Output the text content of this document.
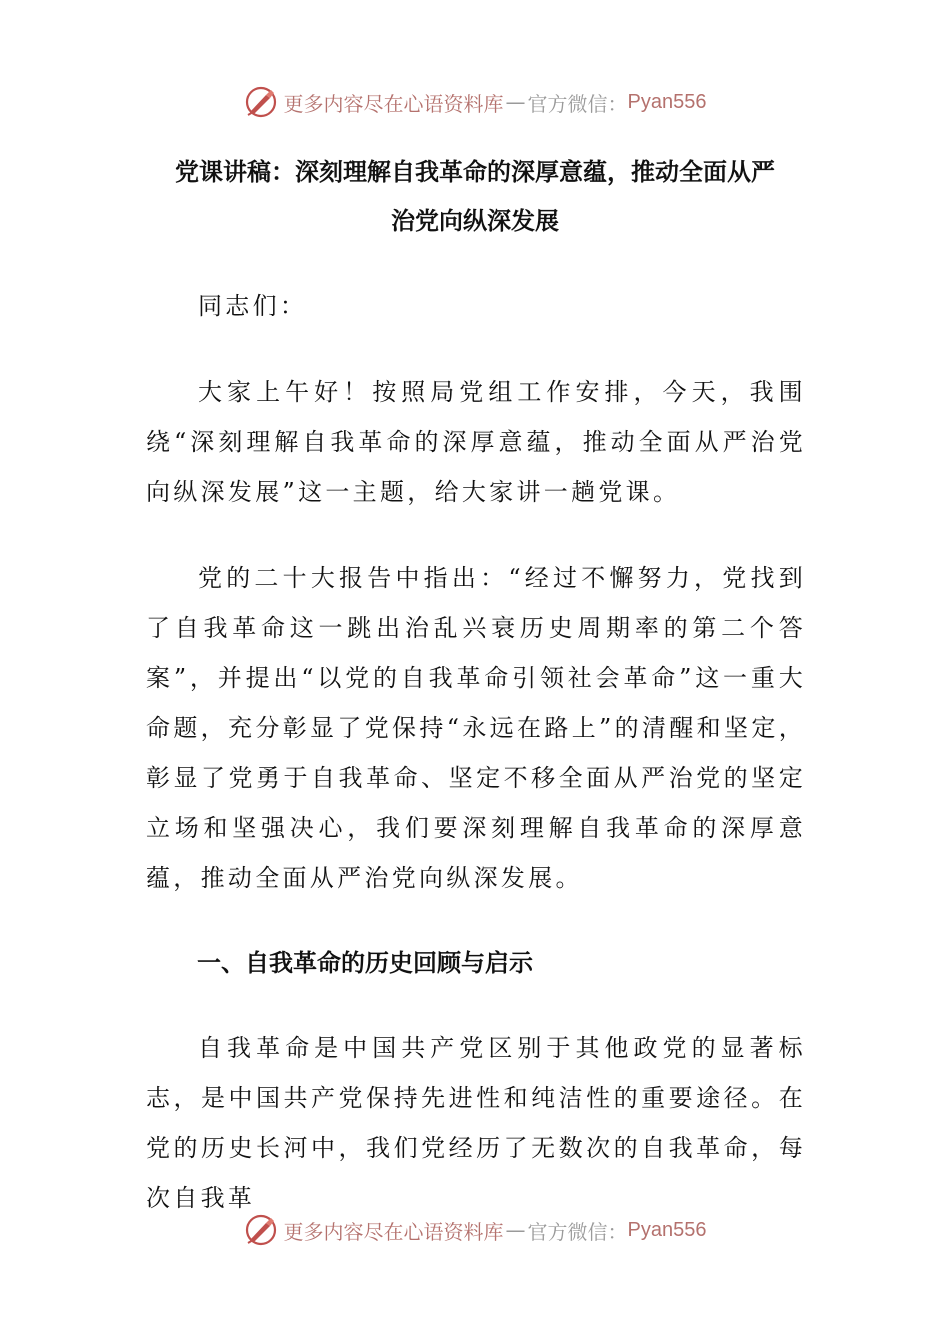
更多内容尽在心语资料库 — 官方微信： Pyan556
党课讲稿：深刻理解自我革命的深厚意蕴，推动全面从严
治党向纵深发展

同志们：

大家上午好！按照局党组工作安排，今天，我围绕“深刻理解自我革命的深厚意蕴，推动全面从严治党向纵深发展”这一主题，给大家讲一趟党课。

党的二十大报告中指出：“经过不懈努力，党找到了自我革命这一跳出治乱兴衰历史周期率的第二个答案”，并提出“以党的自我革命引领社会革命”这一重大命题，充分彰显了党保持“永远在路上”的清醒和坚定，彰显了党勇于自我革命、坚定不移全面从严治党的坚定立场和坚强决心，我们要深刻理解自我革命的深厚意蕴，推动全面从严治党向纵深发展。

一、自我革命的历史回顾与启示

自我革命是中国共产党区别于其他政党的显著标志，是中国共产党保持先进性和纯洁性的重要途径。在党的历史长河中，我们党经历了无数次的自我革命，每次自我革

更多内容尽在心语资料库 — 官方微信： Pyan556
